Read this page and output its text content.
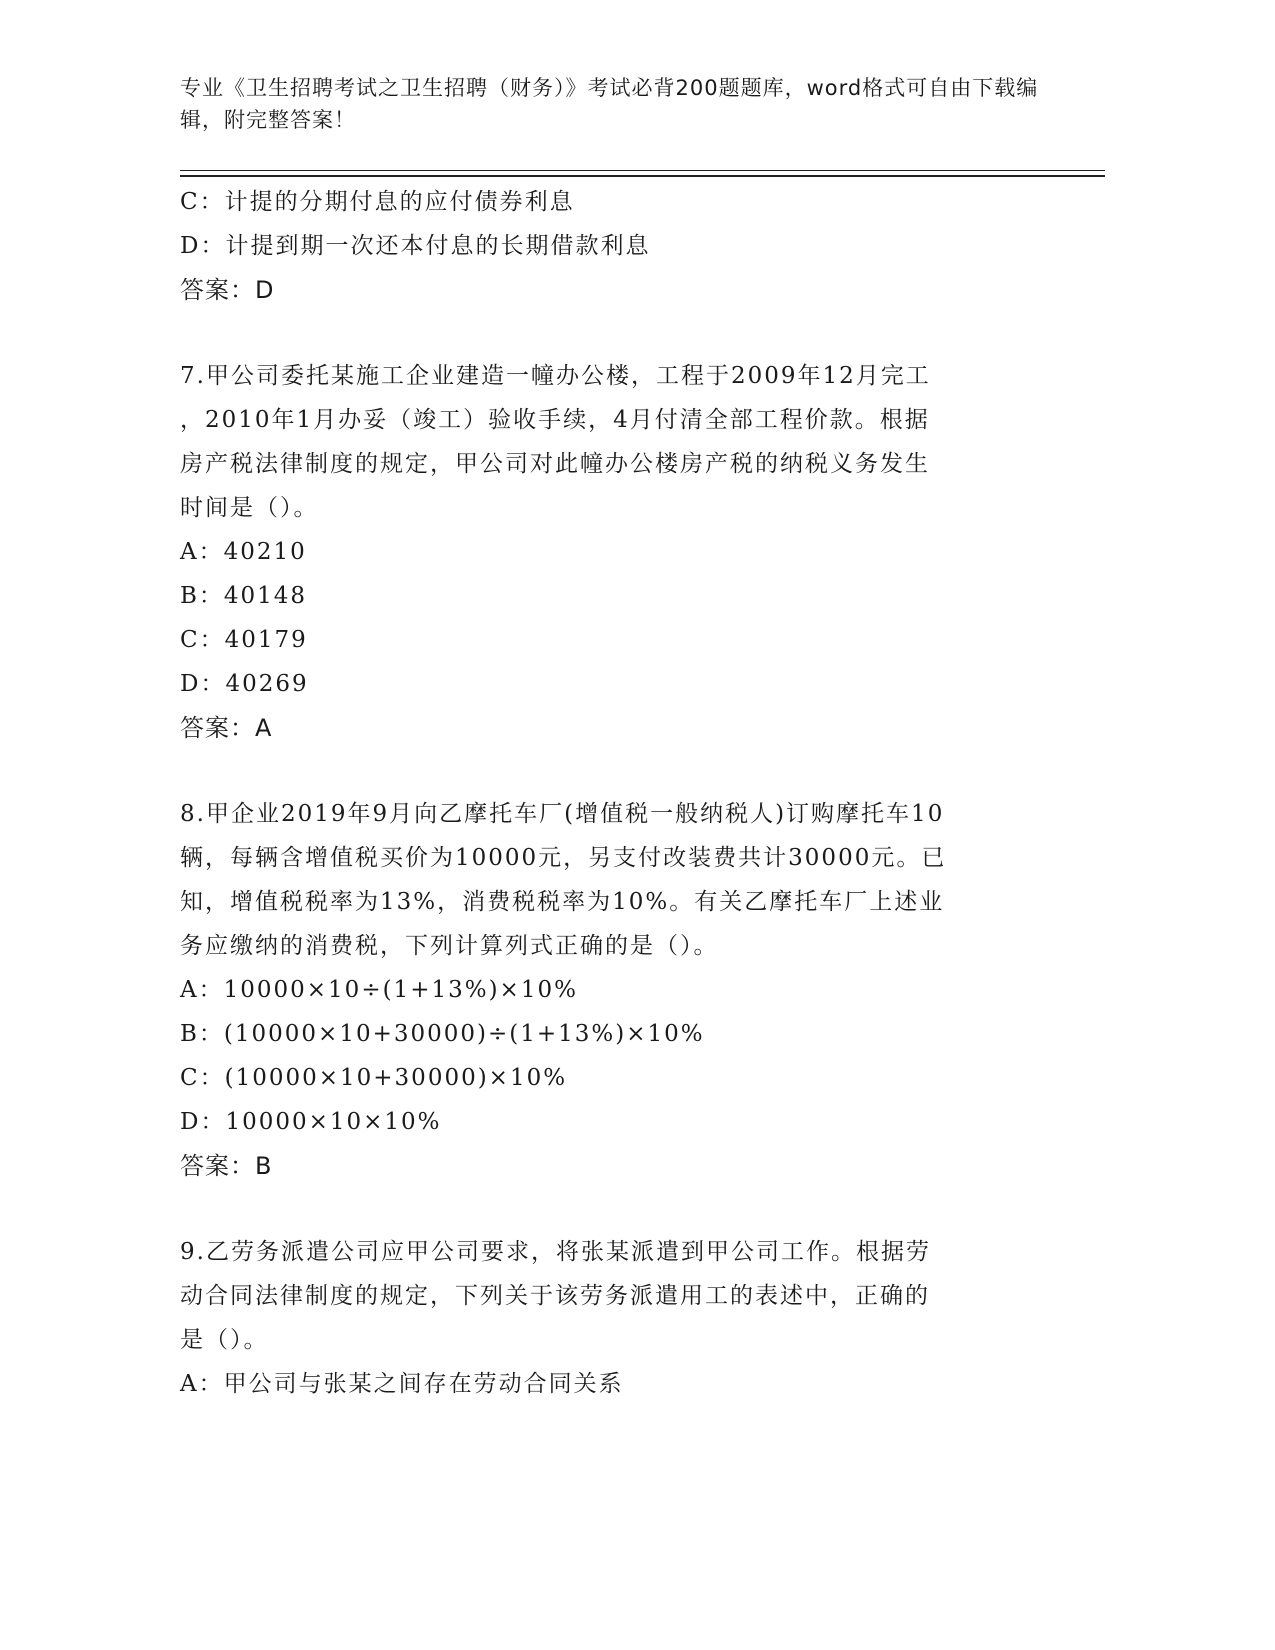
专业《卫生招聘考试之卫生招聘（财务）》考试必背200题题库，word格式可自由下载编辑，附完整答案！
C：计提的分期付息的应付债券利息
D：计提到期一次还本付息的长期借款利息
答案：D
7.甲公司委托某施工企业建造一幢办公楼，工程于2009年12月完工
，2010年1月办妥（竣工）验收手续，4月付清全部工程价款。根据
房产税法律制度的规定，甲公司对此幢办公楼房产税的纳税义务发生
时间是（）。
A：40210
B：40148
C：40179
D：40269
答案：A
8.甲企业2019年9月向乙摩托车厂(增值税一般纳税人)订购摩托车10
辆，每辆含增值税买价为10000元，另支付改装费共计30000元。已
知，增值税税率为13%，消费税税率为10%。有关乙摩托车厂上述业
务应缴纳的消费税，下列计算列式正确的是（）。
A：10000×10÷(1+13%)×10%
B：(10000×10+30000)÷(1+13%)×10%
C：(10000×10+30000)×10%
D：10000×10×10%
答案：B
9.乙劳务派遣公司应甲公司要求，将张某派遣到甲公司工作。根据劳
动合同法律制度的规定，下列关于该劳务派遣用工的表述中，正确的
是（）。
A：甲公司与张某之间存在劳动合同关系
